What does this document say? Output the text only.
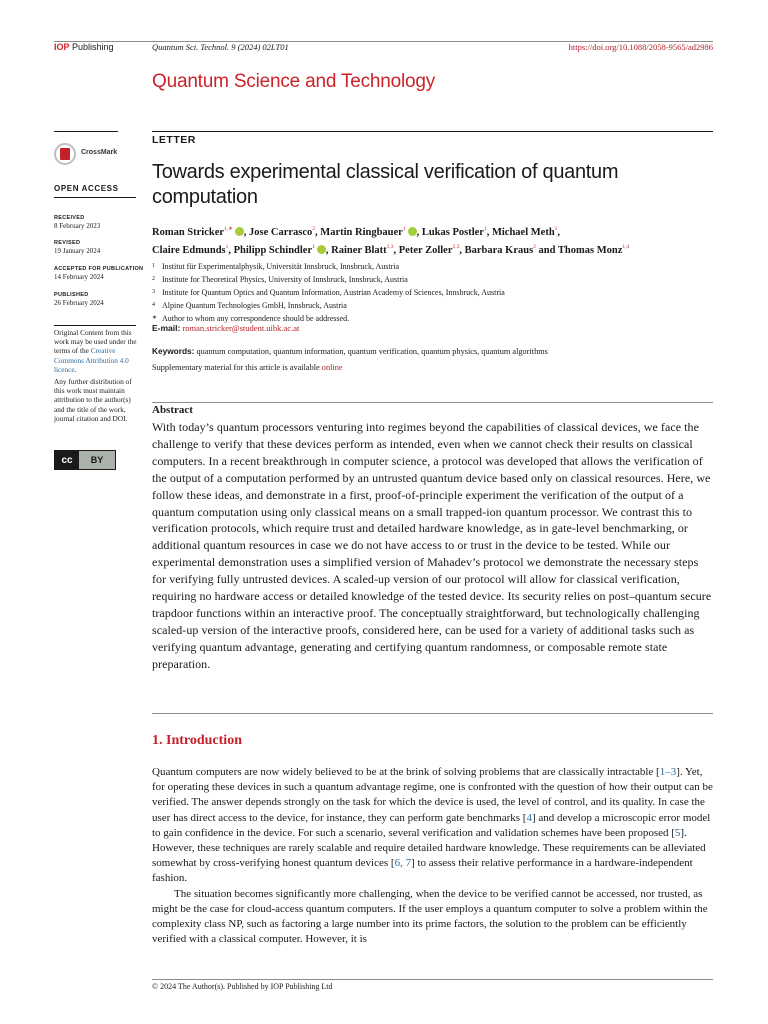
IOP Publishing	Quantum Sci. Technol. 9 (2024) 02LT01	https://doi.org/10.1088/2058-9565/ad2986
Quantum Science and Technology
CrossMark
OPEN ACCESS
RECEIVED
8 February 2023
REVISED
19 January 2024
ACCEPTED FOR PUBLICATION
14 February 2024
PUBLISHED
26 February 2024

Original Content from this work may be used under the terms of the Creative Commons Attribution 4.0 licence.

Any further distribution of this work must maintain attribution to the author(s) and the title of the work, journal citation and DOI.

cc	BY
LETTER
Towards experimental classical verification of quantum computation
Roman Stricker$^{1,∗}$ , Jose Carrasco$^2$, Martin Ringbauer$^1$ , Lukas Postler$^1$, Michael Meth$^1$,
Claire Edmunds$^1$, Philipp Schindler$^1$ , Rainer Blatt$^{1,3}$, Peter Zoller$^{2,3}$, Barbara Kraus$^2$ and Thomas Monz$^{1,4}$
1 Institut für Experimentalphysik, Universität Innsbruck, Innsbruck, Austria
2 Institute for Theoretical Physics, University of Innsbruck, Innsbruck, Austria
3 Institute for Quantum Optics and Quantum Information, Austrian Academy of Sciences, Innsbruck, Austria
4 Alpine Quantum Technologies GmbH, Innsbruck, Austria
∗ Author to whom any correspondence should be addressed.
E-mail: roman.stricker@student.uibk.ac.at
Keywords: quantum computation, quantum information, quantum verification, quantum physics, quantum algorithms
Supplementary material for this article is available online
Abstract
With today’s quantum processors venturing into regimes beyond the capabilities of classical devices, we face the challenge to verify that these devices perform as intended, even when we cannot check their results on classical computers. In a recent breakthrough in computer science, a protocol was developed that allows the verification of the output of a computation performed by an untrusted quantum device based only on classical resources. Here, we follow these ideas, and demonstrate in a first, proof-of-principle experiment the verification of the output of a quantum computation using only classical means on a small trapped-ion quantum processor. We contrast this to verification protocols, which require trust and detailed hardware knowledge, as in gate-level benchmarking, or additional quantum resources in case we do not have access to or trust in the device to be tested. While our experimental demonstration uses a simplified version of Mahadev’s protocol we demonstrate the necessary steps for verifying fully untrusted devices. A scaled-up version of our protocol will allow for classical verification, requiring no hardware access or detailed knowledge of the tested device. Its security relies on post–quantum secure trapdoor functions within an interactive proof. The conceptually straightforward, but technologically challenging scaled-up version of the interactive proofs, considered here, can be used for a variety of additional tasks such as verifying quantum advantage, generating and certifying quantum randomness, or composable remote state preparation.
1. Introduction

Quantum computers are now widely believed to be at the brink of solving problems that are classically intractable [1–3]. Yet, for operating these devices in such a quantum advantage regime, one is confronted with the question of how their output can be verified. The answer depends strongly on the task for which the device is used, the level of control, and its quality. In case the user has direct access to the device, for instance, they can perform gate benchmarks [4] and develop a microscopic error model to gain confidence in the device. For such a scenario, several verification and validation schemes have been proposed [5]. However, these techniques are rarely scalable and require detailed hardware knowledge. These requirements can be alleviated somewhat by cross-verifying honest quantum devices [6, 7] to assess their relative performance in a hardware-independent fashion.

The situation becomes significantly more challenging, when the device to be verified cannot be accessed, nor trusted, as might be the case for cloud-access quantum computers. If the user employs a quantum computer to solve a problem within the complexity class NP, such as factoring a large number into its prime factors, the solution to the problem can be efficiently verified with a classical computer. However, it is

© 2024 The Author(s). Published by IOP Publishing Ltd
